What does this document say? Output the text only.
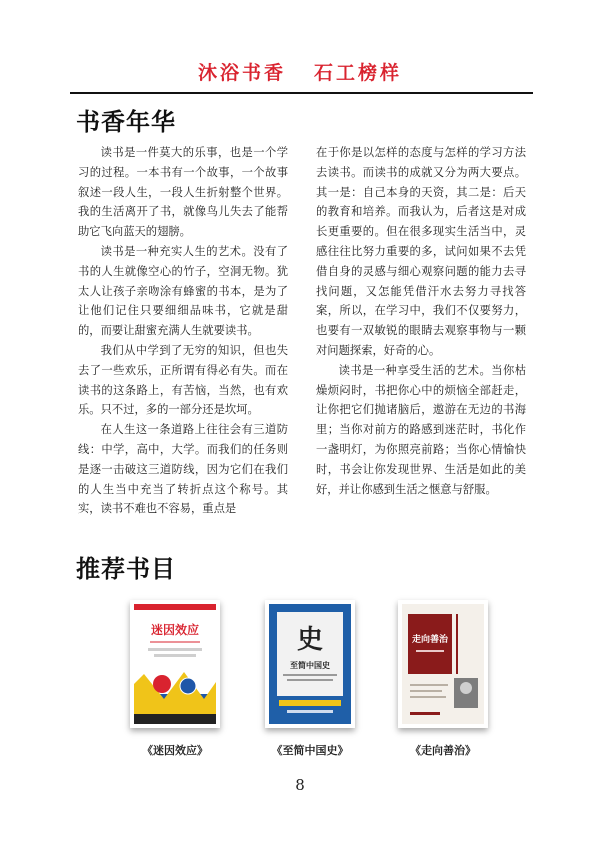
沐浴书香 石工榜样
书香年华

读书是一件莫大的乐事，也是一个学习的过程。一本书有一个故事，一个故事叙述一段人生，一段人生折射整个世界。我的生活离开了书，就像鸟儿失去了能帮助它飞向蓝天的翅膀。

读书是一种充实人生的艺术。没有了书的人生就像空心的竹子，空洞无物。犹太人让孩子亲吻涂有蜂蜜的书本，是为了让他们记住只要细细品味书，它就是甜的，而要让甜蜜充满人生就要读书。

我们从中学到了无穷的知识，但也失去了一些欢乐，正所谓有得必有失。而在读书的这条路上，有苦恼，当然，也有欢乐。只不过，多的一部分还是坎坷。

在人生这一条道路上往往会有三道防线：中学，高中，大学。而我们的任务则是逐一击破这三道防线，因为它们在我们的人生当中充当了转折点这个称号。其实，读书不难也不容易，重点是

在于你是以怎样的态度与怎样的学习方法去读书。而读书的成就又分为两大要点。其一是：自己本身的天资，其二是：后天的教育和培养。而我认为，后者这是对成长更重要的。但在很多现实生活当中，灵感往往比努力重要的多，试问如果不去凭借自身的灵感与细心观察问题的能力去寻找问题，又怎能凭借汗水去努力寻找答案，所以，在学习中，我们不仅要努力，也要有一双敏锐的眼睛去观察事物与一颗对问题探索，好奇的心。

读书是一种享受生活的艺术。当你枯燥烦闷时，书把你心中的烦恼全部赶走，让你把它们抛诸脑后，遨游在无边的书海里；当你对前方的路感到迷茫时，书化作一盏明灯，为你照亮前路；当你心情愉快时，书会让你发现世界、生活是如此的美好，并让你感到生活之惬意与舒服。

推荐书目
迷因效应
《迷因效应》
史
至简中国史
《至简中国史》
走向善治
《走向善治》
8
